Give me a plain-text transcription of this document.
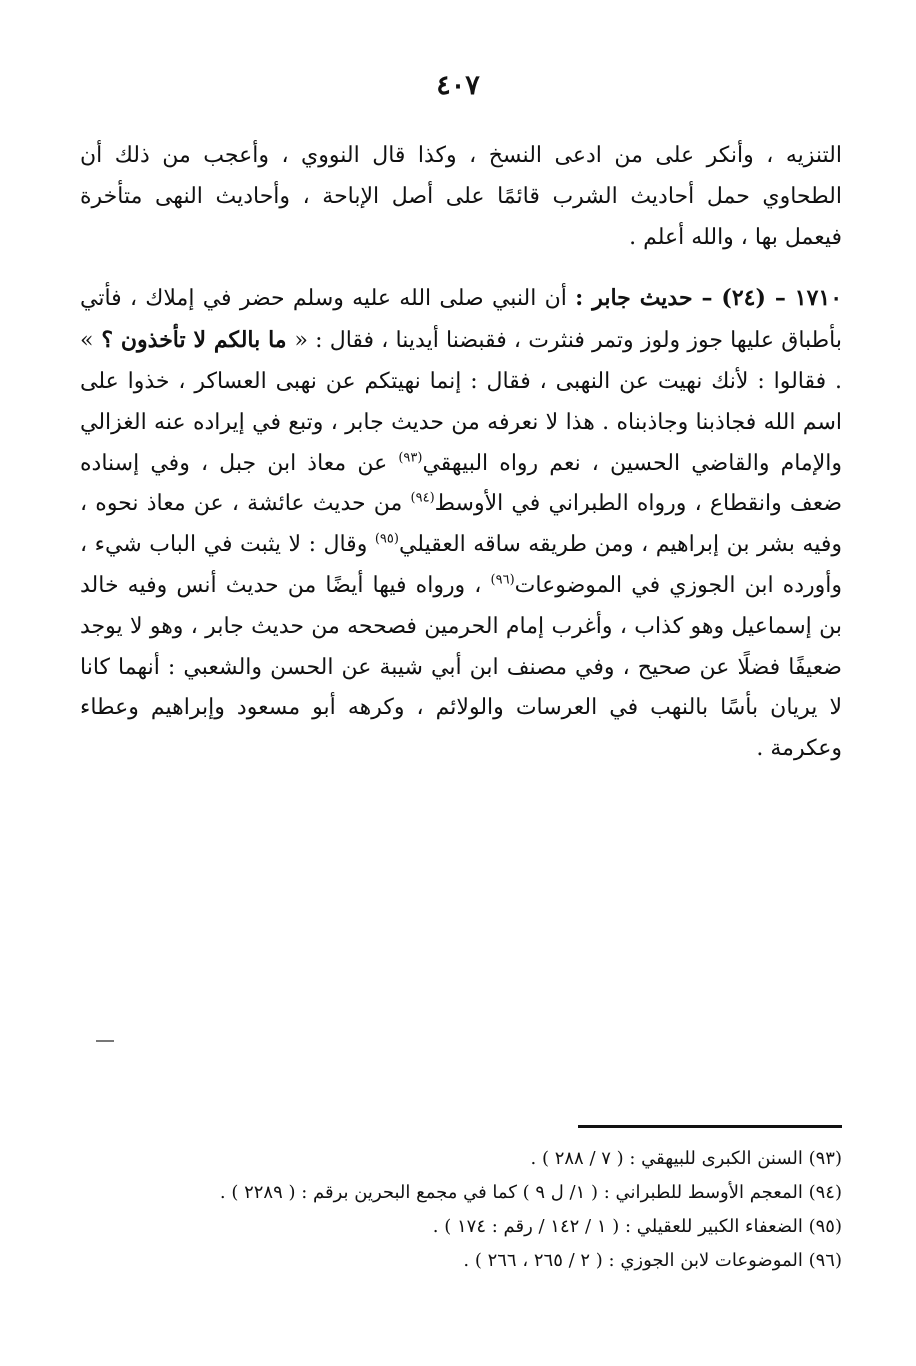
٤٠٧

التنزيه ، وأنكر على من ادعى النسخ ، وكذا قال النووي ، وأعجب من ذلك أن الطحاوي حمل أحاديث الشرب قائمًا على أصل الإباحة ، وأحاديث النهى متأخرة فيعمل بها ، والله أعلم .

١٧١٠ – (٢٤) – حديث جابر : أن النبي صلى الله عليه وسلم حضر في إملاك ، فأتي بأطباق عليها جوز ولوز وتمر فنثرت ، فقبضنا أيدينا ، فقال : « ما بالكم لا تأخذون ؟ » . فقالوا : لأنك نهيت عن النهبى ، فقال : إنما نهيتكم عن نهبى العساكر ، خذوا على اسم الله فجاذبنا وجاذبناه . هذا لا نعرفه من حديث جابر ، وتبع في إيراده عنه الغزالي والإمام والقاضي الحسين ، نعم رواه البيهقي$^{(٩٣)}$ عن معاذ ابن جبل ، وفي إسناده ضعف وانقطاع ، ورواه الطبراني في الأوسط$^{(٩٤)}$ من حديث عائشة ، عن معاذ نحوه ، وفيه بشر بن إبراهيم ، ومن طريقه ساقه العقيلي$^{(٩٥)}$ وقال : لا يثبت في الباب شيء ، وأورده ابن الجوزي في الموضوعات$^{(٩٦)}$ ، ورواه فيها أيضًا من حديث أنس وفيه خالد بن إسماعيل وهو كذاب ، وأغرب إمام الحرمين فصححه من حديث جابر ، وهو لا يوجد ضعيفًا فضلًا عن صحيح ، وفي مصنف ابن أبي شيبة عن الحسن والشعبي : أنهما كانا لا يريان بأسًا بالنهب في العرسات والولائم ، وكرهه أبو مسعود وإبراهيم وعطاء وعكرمة .

(٩٣) السنن الكبرى للبيهقي : ( ٧ / ٢٨٨ ) .

(٩٤) المعجم الأوسط للطبراني : ( ١/ ل ٩ ) كما في مجمع البحرين برقم : ( ٢٢٨٩ ) .

(٩٥) الضعفاء الكبير للعقيلي : ( ١ / ١٤٢ / رقم : ١٧٤ ) .

(٩٦) الموضوعات لابن الجوزي : ( ٢ / ٢٦٥ ، ٢٦٦ ) .
